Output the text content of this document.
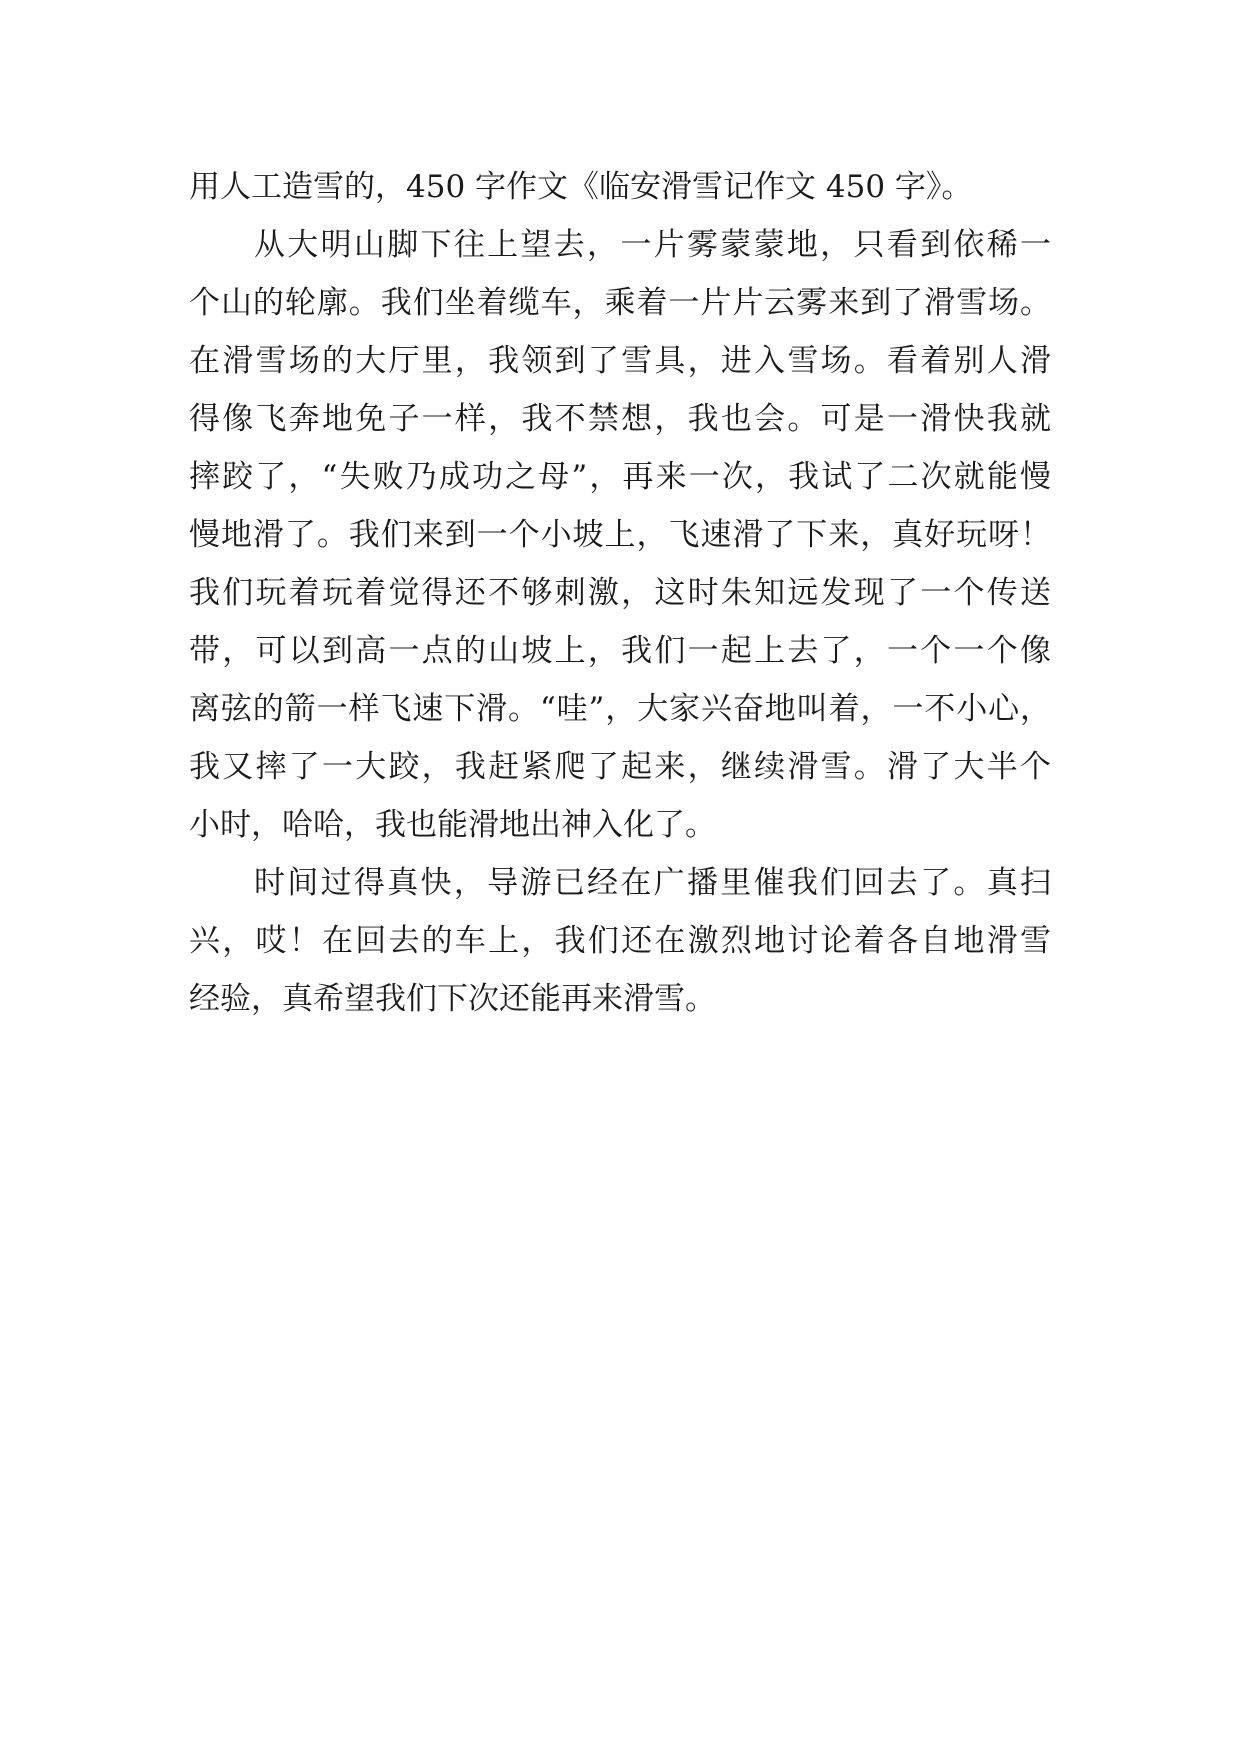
用人工造雪的，450 字作文《临安滑雪记作文 450 字》。
从大明山脚下往上望去，一片雾蒙蒙地，只看到依稀一
个山的轮廓。我们坐着缆车，乘着一片片云雾来到了滑雪场。
在滑雪场的大厅里，我领到了雪具，进入雪场。看着别人滑
得像飞奔地免子一样，我不禁想，我也会。可是一滑快我就
摔跤了，“失败乃成功之母”，再来一次，我试了二次就能慢
慢地滑了。我们来到一个小坡上，飞速滑了下来，真好玩呀！
我们玩着玩着觉得还不够刺激，这时朱知远发现了一个传送
带，可以到高一点的山坡上，我们一起上去了，一个一个像
离弦的箭一样飞速下滑。“哇”，大家兴奋地叫着，一不小心，
我又摔了一大跤，我赶紧爬了起来，继续滑雪。滑了大半个
小时，哈哈，我也能滑地出神入化了。
时间过得真快，导游已经在广播里催我们回去了。真扫
兴，哎！在回去的车上，我们还在激烈地讨论着各自地滑雪
经验，真希望我们下次还能再来滑雪。
